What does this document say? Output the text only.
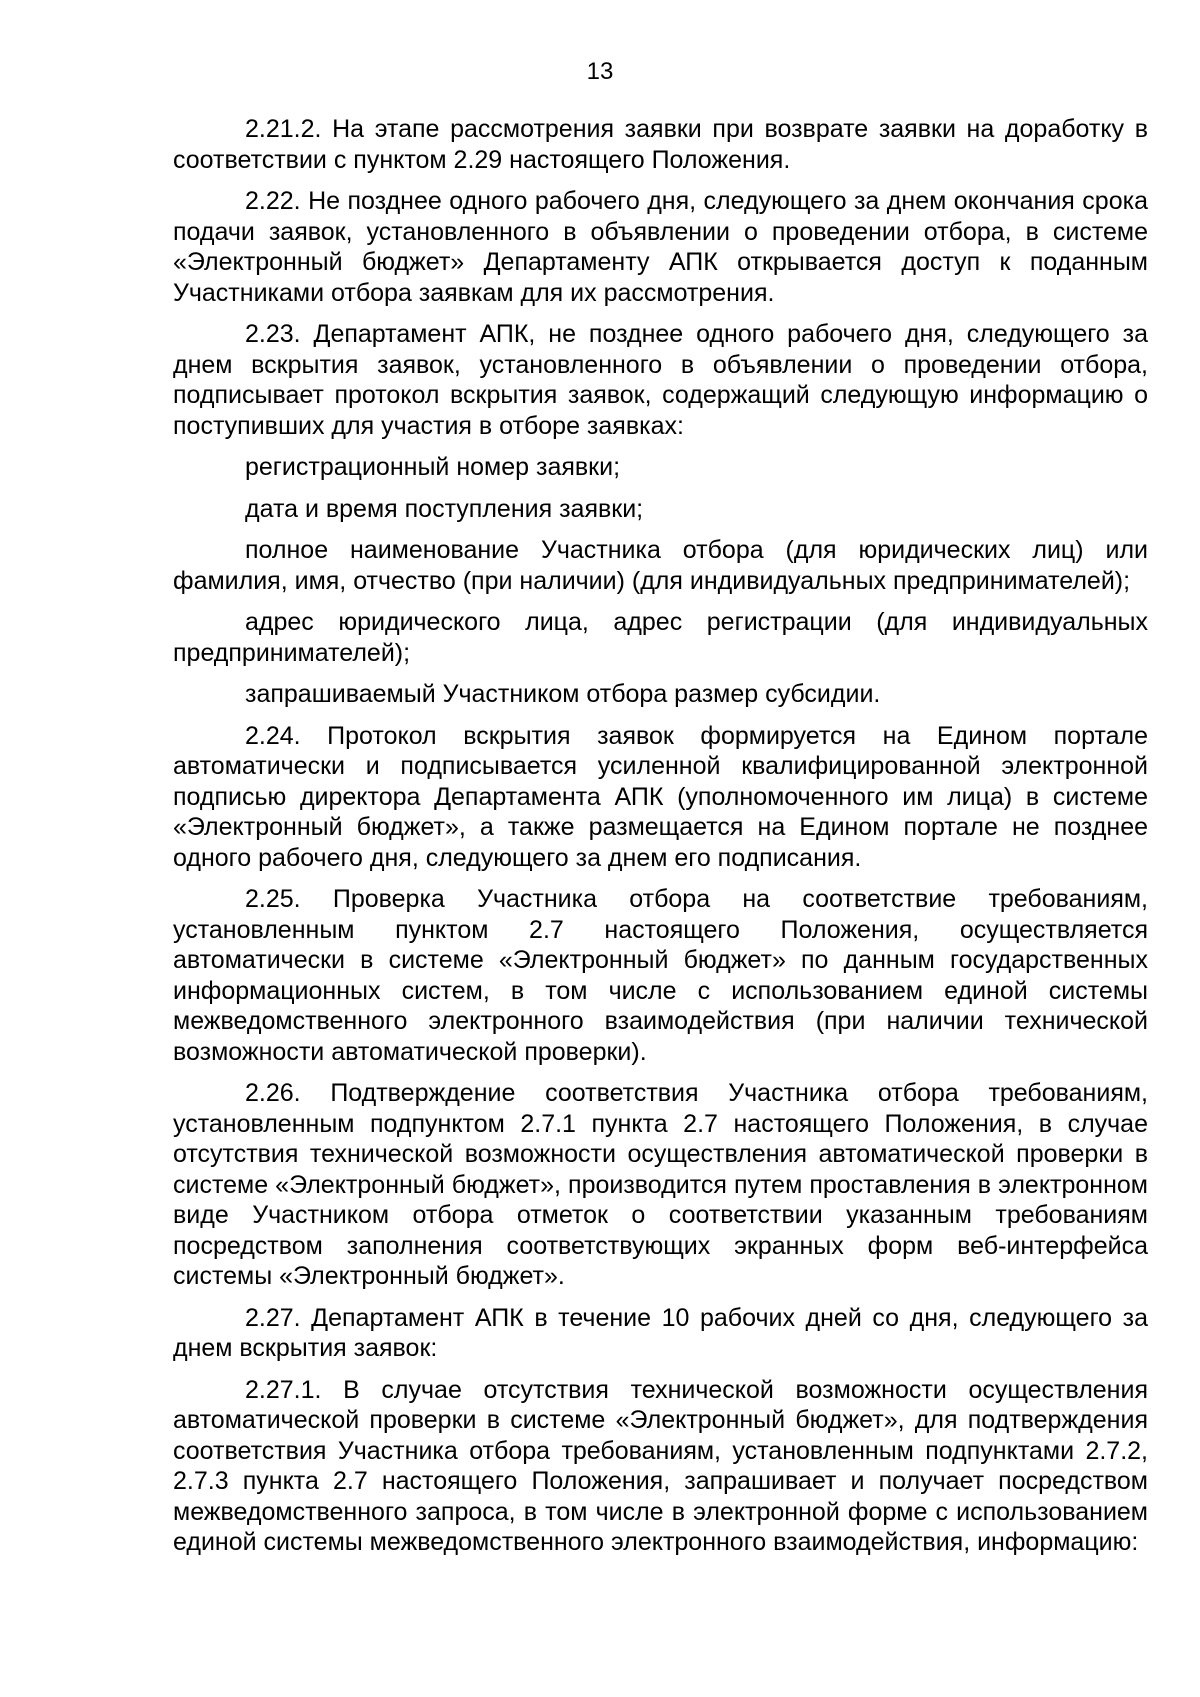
13

2.21.2. На этапе рассмотрения заявки при возврате заявки на доработку в соответствии с пунктом 2.29 настоящего Положения.

2.22. Не позднее одного рабочего дня, следующего за днем окончания срока подачи заявок, установленного в объявлении о проведении отбора, в системе «Электронный бюджет» Департаменту АПК открывается доступ к поданным Участниками отбора заявкам для их рассмотрения.

2.23. Департамент АПК, не позднее одного рабочего дня, следующего за днем вскрытия заявок, установленного в объявлении о проведении отбора, подписывает протокол вскрытия заявок, содержащий следующую информацию о поступивших для участия в отборе заявках:

регистрационный номер заявки;

дата и время поступления заявки;

полное наименование Участника отбора (для юридических лиц) или фамилия, имя, отчество (при наличии) (для индивидуальных предпринимателей);

адрес юридического лица, адрес регистрации (для индивидуальных предпринимателей);

запрашиваемый Участником отбора размер субсидии.

2.24. Протокол вскрытия заявок формируется на Едином портале автоматически и подписывается усиленной квалифицированной электронной подписью директора Департамента АПК (уполномоченного им лица) в системе «Электронный бюджет», а также размещается на Едином портале не позднее одного рабочего дня, следующего за днем его подписания.

2.25. Проверка Участника отбора на соответствие требованиям, установленным пунктом 2.7 настоящего Положения, осуществляется автоматически в системе «Электронный бюджет» по данным государственных информационных систем, в том числе с использованием единой системы межведомственного электронного взаимодействия (при наличии технической возможности автоматической проверки).

2.26. Подтверждение соответствия Участника отбора требованиям, установленным подпунктом 2.7.1 пункта 2.7 настоящего Положения, в случае отсутствия технической возможности осуществления автоматической проверки в системе «Электронный бюджет», производится путем проставления в электронном виде Участником отбора отметок о соответствии указанным требованиям посредством заполнения соответствующих экранных форм веб-интерфейса системы «Электронный бюджет».

2.27. Департамент АПК в течение 10 рабочих дней со дня, следующего за днем вскрытия заявок:

2.27.1. В случае отсутствия технической возможности осуществления автоматической проверки в системе «Электронный бюджет», для подтверждения соответствия Участника отбора требованиям, установленным подпунктами 2.7.2, 2.7.3 пункта 2.7 настоящего Положения, запрашивает и получает посредством межведомственного запроса, в том числе в электронной форме с использованием единой системы межведомственного электронного взаимодействия, информацию:
